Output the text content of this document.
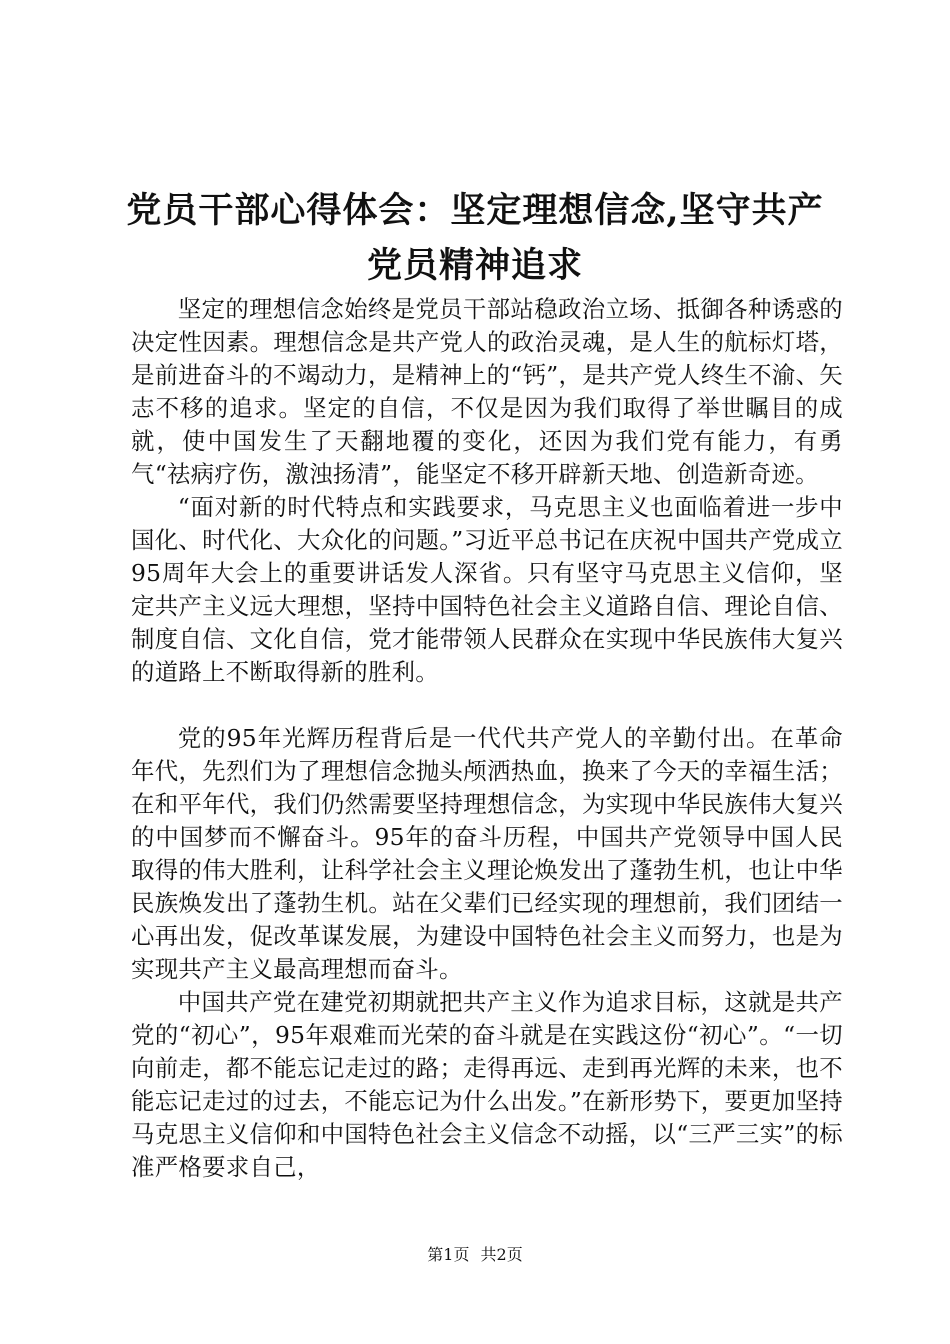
党员干部心得体会：坚定理想信念,坚守共产
党员精神追求

坚定的理想信念始终是党员干部站稳政治立场、抵御各种诱惑的决定性因素。理想信念是共产党人的政治灵魂，是人生的航标灯塔，是前进奋斗的不竭动力，是精神上的“钙”，是共产党人终生不渝、矢志不移的追求。坚定的自信，不仅是因为我们取得了举世瞩目的成就，使中国发生了天翻地覆的变化，还因为我们党有能力，有勇气“祛病疗伤，激浊扬清”，能坚定不移开辟新天地、创造新奇迹。

“面对新的时代特点和实践要求，马克思主义也面临着进一步中国化、时代化、大众化的问题。”习近平总书记在庆祝中国共产党成立95周年大会上的重要讲话发人深省。只有坚守马克思主义信仰，坚定共产主义远大理想，坚持中国特色社会主义道路自信、理论自信、制度自信、文化自信，党才能带领人民群众在实现中华民族伟大复兴的道路上不断取得新的胜利。

党的95年光辉历程背后是一代代共产党人的辛勤付出。在革命年代，先烈们为了理想信念抛头颅洒热血，换来了今天的幸福生活；在和平年代，我们仍然需要坚持理想信念，为实现中华民族伟大复兴的中国梦而不懈奋斗。95年的奋斗历程，中国共产党领导中国人民取得的伟大胜利，让科学社会主义理论焕发出了蓬勃生机，也让中华民族焕发出了蓬勃生机。站在父辈们已经实现的理想前，我们团结一心再出发，促改革谋发展，为建设中国特色社会主义而努力，也是为实现共产主义最高理想而奋斗。

中国共产党在建党初期就把共产主义作为追求目标，这就是共产党的“初心”，95年艰难而光荣的奋斗就是在实践这份“初心”。“一切向前走，都不能忘记走过的路；走得再远、走到再光辉的未来，也不能忘记走过的过去，不能忘记为什么出发。”在新形势下，要更加坚持马克思主义信仰和中国特色社会主义信念不动摇，以“三严三实”的标准严格要求自己，

第1页 共2页
